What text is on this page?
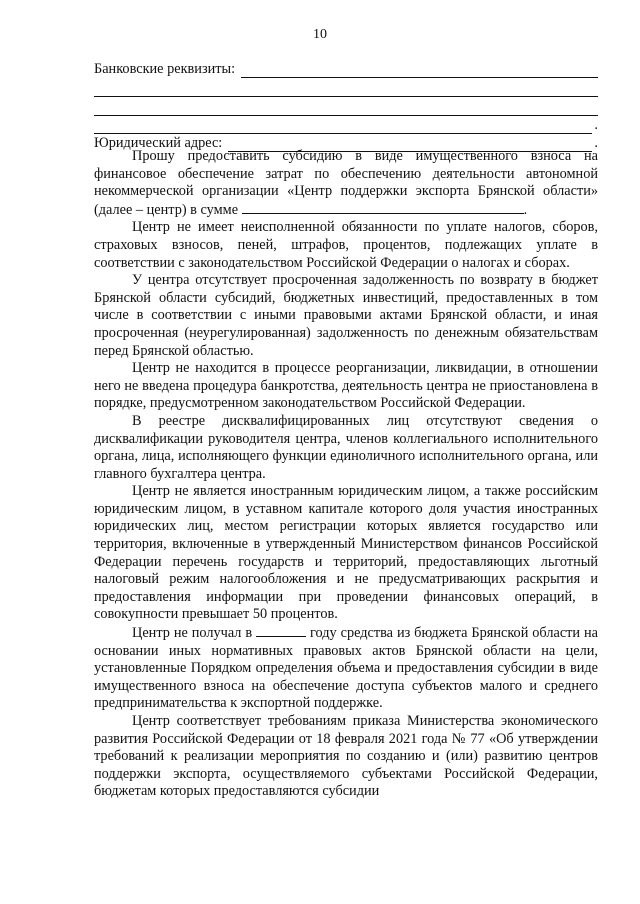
10
Банковские реквизиты:
.
Юридический адрес:	.

Прошу предоставить субсидию в виде имущественного взноса на финансовое обеспечение затрат по обеспечению деятельности автономной некоммерческой организации «Центр поддержки экспорта Брянской области» (далее – центр) в сумме	.

Центр не имеет неисполненной обязанности по уплате налогов, сборов, страховых взносов, пеней, штрафов, процентов, подлежащих уплате в соответствии с законодательством Российской Федерации о налогах и сборах.

У центра отсутствует просроченная задолженность по возврату в бюджет Брянской области субсидий, бюджетных инвестиций, предоставленных в том числе в соответствии с иными правовыми актами Брянской области, и иная просроченная (неурегулированная) задолженность по денежным обязательствам перед Брянской областью.

Центр не находится в процессе реорганизации, ликвидации, в отношении него не введена процедура банкротства, деятельность центра не приостановлена в порядке, предусмотренном законодательством Российской Федерации.

В реестре дисквалифицированных лиц отсутствуют сведения о дисквалификации руководителя центра, членов коллегиального исполнительного органа, лица, исполняющего функции единоличного исполнительного органа, или главного бухгалтера центра.

Центр не является иностранным юридическим лицом, а также российским юридическим лицом, в уставном капитале которого доля участия иностранных юридических лиц, местом регистрации которых является государство или территория, включенные в утвержденный Министерством финансов Российской Федерации перечень государств и территорий, предоставляющих льготный налоговый режим налогообложения и не предусматривающих раскрытия и предоставления информации при проведении финансовых операций, в совокупности превышает 50 процентов.

Центр не получал в	году средства из бюджета Брянской области на основании иных нормативных правовых актов Брянской области на цели, установленные Порядком определения объема и предоставления субсидии в виде имущественного взноса на обеспечение доступа субъектов малого и среднего предпринимательства к экспортной поддержке.

Центр соответствует требованиям приказа Министерства экономического развития Российской Федерации от 18 февраля 2021 года № 77 «Об утверждении требований к реализации мероприятия по созданию и (или) развитию центров поддержки экспорта, осуществляемого субъектами Российской Федерации, бюджетам которых предоставляются субсидии
